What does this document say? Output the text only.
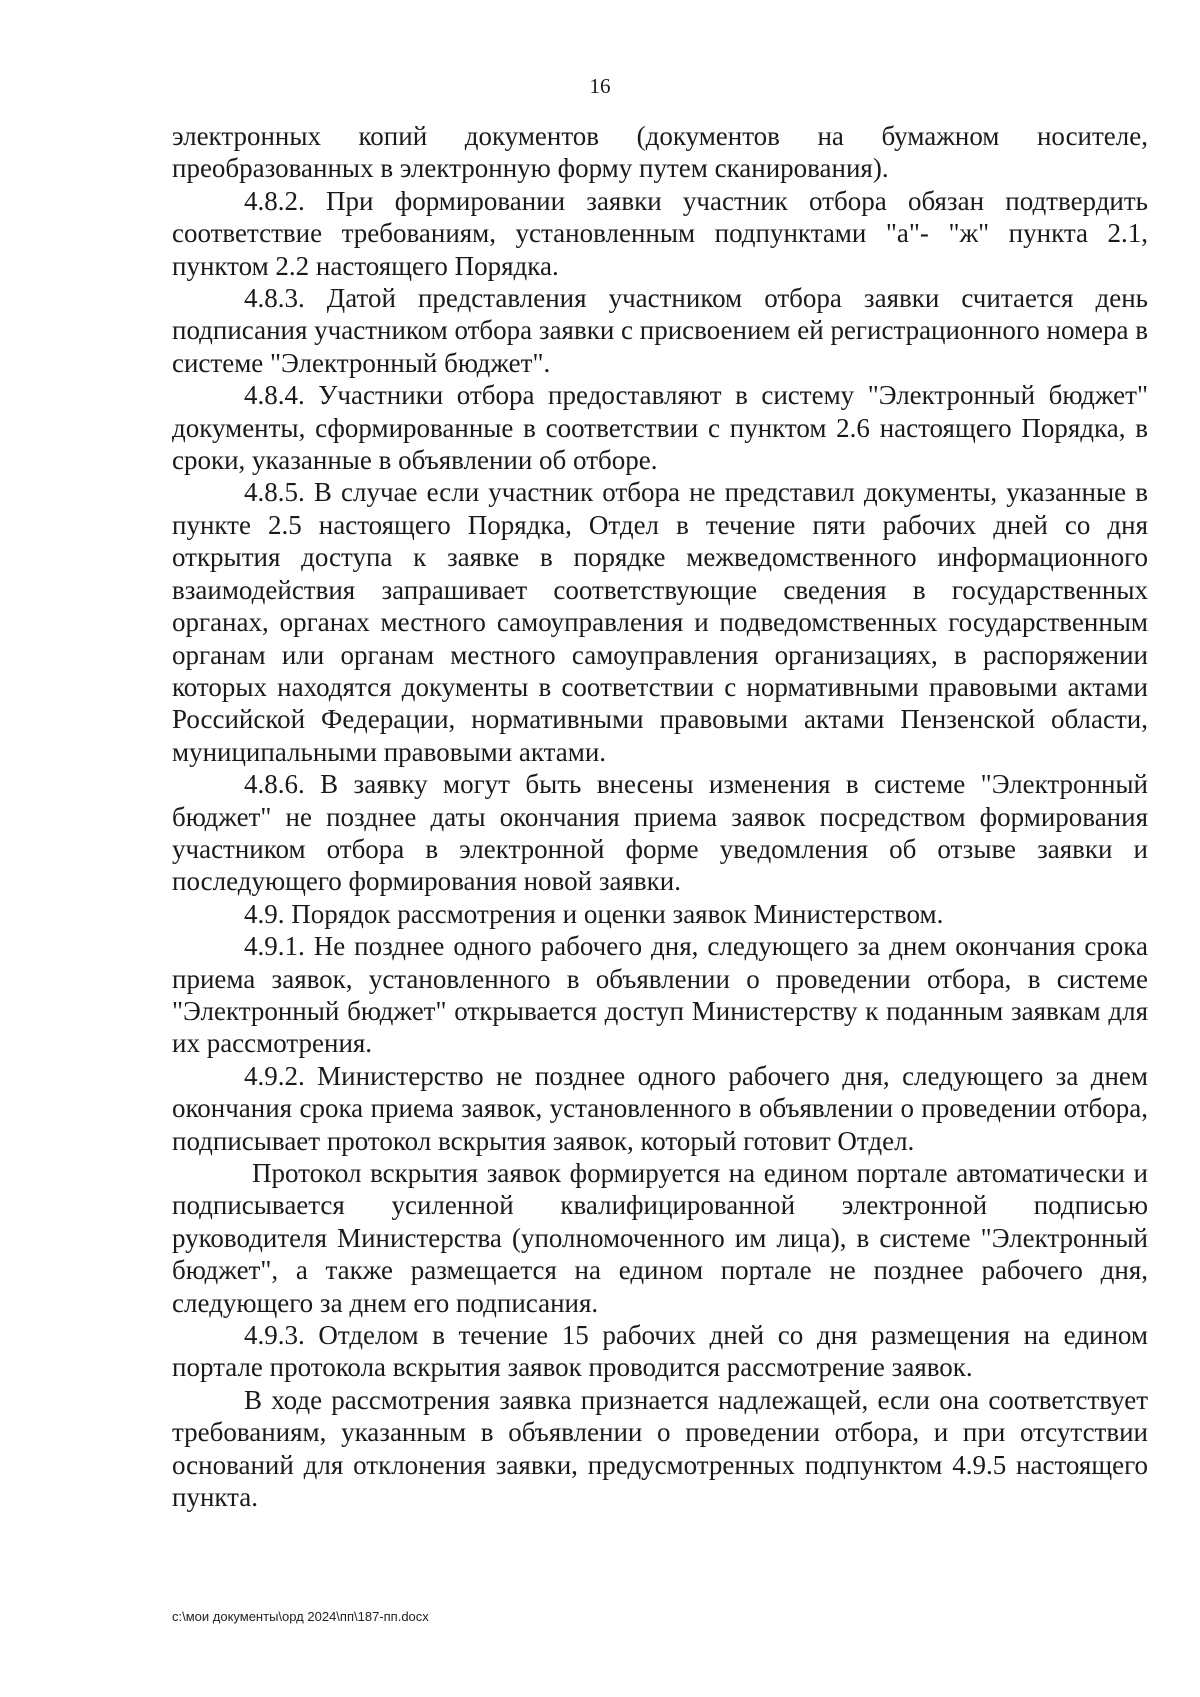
16

электронных копий документов (документов на бумажном носителе, преобразованных в электронную форму путем сканирования).

4.8.2. При формировании заявки участник отбора обязан подтвердить соответствие требованиям, установленным подпунктами "а"- "ж" пункта 2.1, пунктом 2.2 настоящего Порядка.

4.8.3. Датой представления участником отбора заявки считается день подписания участником отбора заявки с присвоением ей регистрационного номера в системе "Электронный бюджет".

4.8.4. Участники отбора предоставляют в систему "Электронный бюджет" документы, сформированные в соответствии с пунктом 2.6 настоящего Порядка, в сроки, указанные в объявлении об отборе.

4.8.5. В случае если участник отбора не представил документы, указанные в пункте 2.5 настоящего Порядка, Отдел в течение пяти рабочих дней со дня открытия доступа к заявке в порядке межведомственного информационного взаимодействия запрашивает соответствующие сведения в государственных органах, органах местного самоуправления и подведомственных государственным органам или органам местного самоуправления организациях, в распоряжении которых находятся документы в соответствии с нормативными правовыми актами Российской Федерации, нормативными правовыми актами Пензенской области, муниципальными правовыми актами.

4.8.6. В заявку могут быть внесены изменения в системе "Электронный бюджет" не позднее даты окончания приема заявок посредством формирования участником отбора в электронной форме уведомления об отзыве заявки и последующего формирования новой заявки.

4.9. Порядок рассмотрения и оценки заявок Министерством.

4.9.1. Не позднее одного рабочего дня, следующего за днем окончания срока приема заявок, установленного в объявлении о проведении отбора, в системе "Электронный бюджет" открывается доступ Министерству к поданным заявкам для их рассмотрения.

4.9.2. Министерство не позднее одного рабочего дня, следующего за днем окончания срока приема заявок, установленного в объявлении о проведении отбора, подписывает протокол вскрытия заявок, который готовит Отдел.

Протокол вскрытия заявок формируется на едином портале автоматически и подписывается усиленной квалифицированной электронной подписью руководителя Министерства (уполномоченного им лица), в системе "Электронный бюджет", а также размещается на едином портале не позднее рабочего дня, следующего за днем его подписания.

4.9.3. Отделом в течение 15 рабочих дней со дня размещения на едином портале протокола вскрытия заявок проводится рассмотрение заявок.

В ходе рассмотрения заявка признается надлежащей, если она соответствует требованиям, указанным в объявлении о проведении отбора, и при отсутствии оснований для отклонения заявки, предусмотренных подпунктом 4.9.5 настоящего пункта.

c:\мои документы\орд 2024\пп\187-пп.docx
